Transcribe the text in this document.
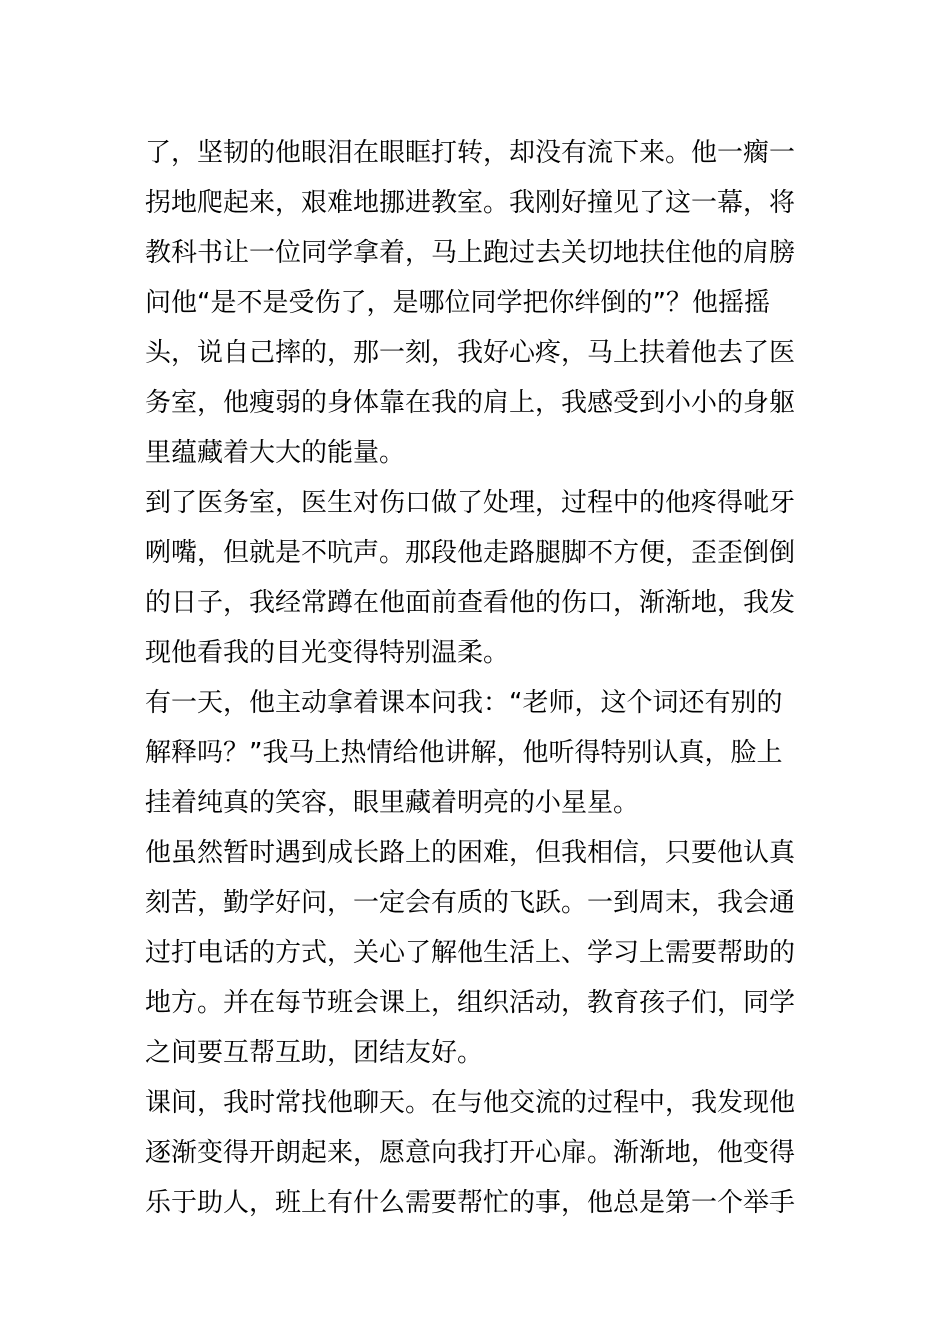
了，坚韧的他眼泪在眼眶打转，却没有流下来。他一瘸一
拐地爬起来，艰难地挪进教室。我刚好撞见了这一幕，将
教科书让一位同学拿着，马上跑过去关切地扶住他的肩膀
问他“是不是受伤了，是哪位同学把你绊倒的”？他摇摇
头，说自己摔的，那一刻，我好心疼，马上扶着他去了医
务室，他瘦弱的身体靠在我的肩上，我感受到小小的身躯
里蕴藏着大大的能量。
到了医务室，医生对伤口做了处理，过程中的他疼得呲牙
咧嘴，但就是不吭声。那段他走路腿脚不方便，歪歪倒倒
的日子，我经常蹲在他面前查看他的伤口，渐渐地，我发
现他看我的目光变得特别温柔。
有一天，他主动拿着课本问我：“老师，这个词还有别的
解释吗？”我马上热情给他讲解，他听得特别认真，脸上
挂着纯真的笑容，眼里藏着明亮的小星星。
他虽然暂时遇到成长路上的困难，但我相信，只要他认真
刻苦，勤学好问，一定会有质的飞跃。一到周末，我会通
过打电话的方式，关心了解他生活上、学习上需要帮助的
地方。并在每节班会课上，组织活动，教育孩子们，同学
之间要互帮互助，团结友好。
课间，我时常找他聊天。在与他交流的过程中，我发现他
逐渐变得开朗起来，愿意向我打开心扉。渐渐地，他变得
乐于助人，班上有什么需要帮忙的事，他总是第一个举手
